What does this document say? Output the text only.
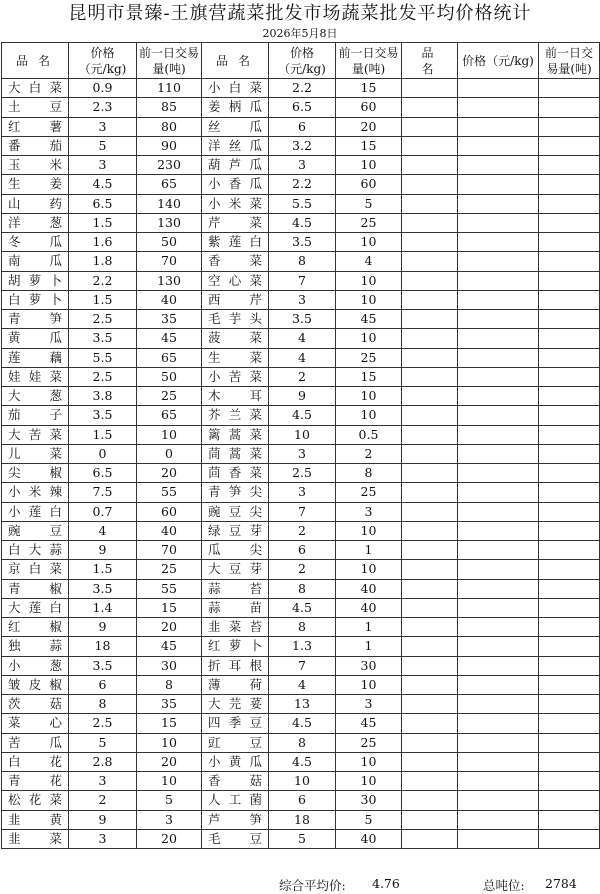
昆明市景臻-王旗营蔬菜批发市场蔬菜批发平均价格统计
2026年5月8日
品名	价格（元/kg)	前一日交易量(吨)	品名	价格（元/kg)	前一日交易量(吨)	品名	价格（元/kg)	前一日交易量(吨)
大白菜	0.9	110	小白菜	2.2	15			
土豆	2.3	85	姜柄瓜	6.5	60			
红薯	3	80	丝瓜	6	20			
番茄	5	90	洋丝瓜	3.2	15			
玉米	3	230	葫芦瓜	3	10			
生姜	4.5	65	小香瓜	2.2	60			
山药	6.5	140	小米菜	5.5	5			
洋葱	1.5	130	芹菜	4.5	25			
冬瓜	1.6	50	紫莲白	3.5	10			
南瓜	1.8	70	香菜	8	4			
胡萝卜	2.2	130	空心菜	7	10			
白萝卜	1.5	40	西芹	3	10			
青笋	2.5	35	毛芋头	3.5	45			
黄瓜	3.5	45	菠菜	4	10			
莲藕	5.5	65	生菜	4	25			
娃娃菜	2.5	50	小苦菜	2	15			
大葱	3.8	25	木耳	9	10			
茄子	3.5	65	芥兰菜	4.5	10			
大苦菜	1.5	10	篱蒿菜	10	0.5			
儿菜	0	0	茼蒿菜	3	2			
尖椒	6.5	20	茴香菜	2.5	8			
小米辣	7.5	55	青笋尖	3	25			
小莲白	0.7	60	豌豆尖	7	3			
豌豆	4	40	绿豆芽	2	10			
白大蒜	9	70	瓜尖	6	1			
京白菜	1.5	25	大豆芽	2	10			
青椒	3.5	55	蒜苔	8	40			
大莲白	1.4	15	蒜苗	4.5	40			
红椒	9	20	韭菜苔	8	1			
独蒜	18	45	红萝卜	1.3	1			
小葱	3.5	30	折耳根	7	30			
皱皮椒	6	8	薄荷	4	10			
茨菇	8	35	大芫荽	13	3			
菜心	2.5	15	四季豆	4.5	45			
苦瓜	5	10	豇豆	8	25			
白花	2.8	20	小黄瓜	4.5	10			
青花	3	10	香菇	10	10			
松花菜	2	5	人工菌	6	30			
韭黄	9	3	芦笋	18	5			
韭菜	3	20	毛豆	5	40			
综合平均价: 4.76	总吨位: 2784
